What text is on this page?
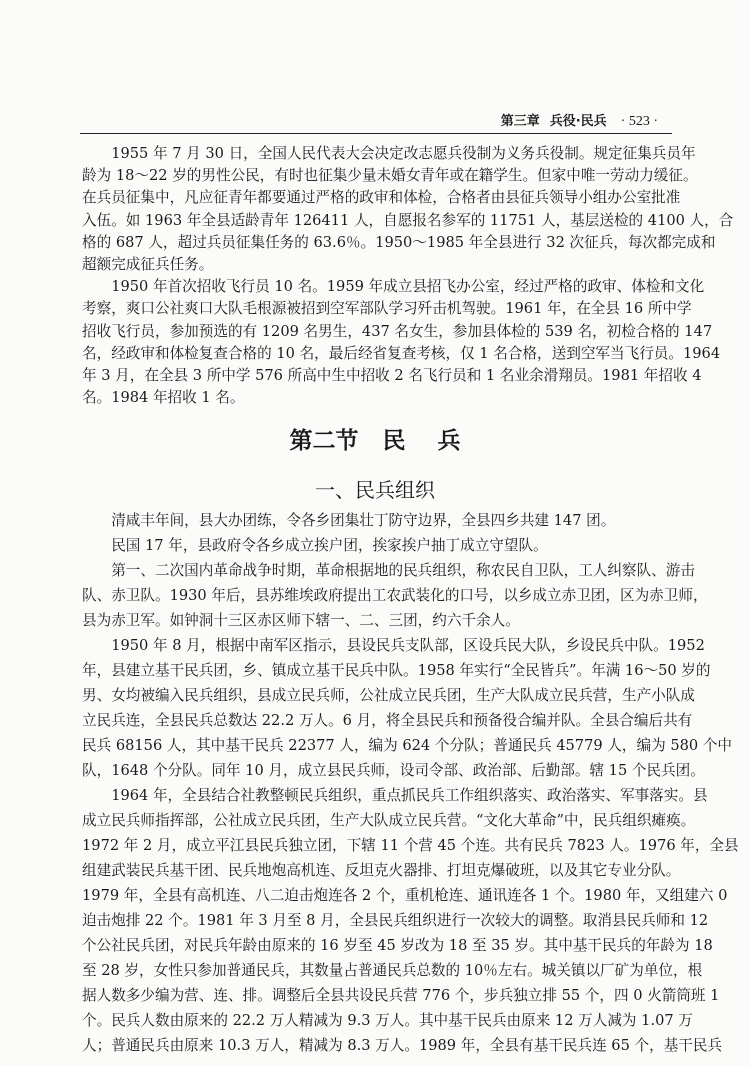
第三章 兵役·民兵 · 523 ·
1955 年 7 月 30 日，全国人民代表大会决定改志愿兵役制为义务兵役制。规定征集兵员年
龄为 18～22 岁的男性公民，有时也征集少量未婚女青年或在籍学生。但家中唯一劳动力缓征。
在兵员征集中，凡应征青年都要通过严格的政审和体检，合格者由县征兵领导小组办公室批准
入伍。如 1963 年全县适龄青年 126411 人，自愿报名参军的 11751 人，基层送检的 4100 人，合
格的 687 人，超过兵员征集任务的 63.6％。1950～1985 年全县进行 32 次征兵，每次都完成和
超额完成征兵任务。
1950 年首次招收飞行员 10 名。1959 年成立县招飞办公室，经过严格的政审、体检和文化
考察，爽口公社爽口大队毛根源被招到空军部队学习歼击机驾驶。1961 年，在全县 16 所中学
招收飞行员，参加预选的有 1209 名男生，437 名女生，参加县体检的 539 名，初检合格的 147
名，经政审和体检复查合格的 10 名，最后经省复查考核，仅 1 名合格，送到空军当飞行员。1964
年 3 月，在全县 3 所中学 576 所高中生中招收 2 名飞行员和 1 名业余滑翔员。1981 年招收 4
名。1984 年招收 1 名。
第二节 民 兵
一、民兵组织
清咸丰年间，县大办团练，令各乡团集壮丁防守边界，全县四乡共建 147 团。
民国 17 年，县政府令各乡成立挨户团，挨家挨户抽丁成立守望队。
第一、二次国内革命战争时期，革命根据地的民兵组织，称农民自卫队，工人纠察队、游击
队、赤卫队。1930 年后，县苏维埃政府提出工农武装化的口号，以乡成立赤卫团，区为赤卫师，
县为赤卫军。如钟洞十三区赤区师下辖一、二、三团，约六千余人。
1950 年 8 月，根据中南军区指示，县设民兵支队部，区设兵民大队，乡设民兵中队。1952
年，县建立基干民兵团，乡、镇成立基干民兵中队。1958 年实行“全民皆兵”。年满 16～50 岁的
男、女均被编入民兵组织，县成立民兵师，公社成立民兵团，生产大队成立民兵营，生产小队成
立民兵连，全县民兵总数达 22.2 万人。6 月，将全县民兵和预备役合编并队。全县合编后共有
民兵 68156 人，其中基干民兵 22377 人，编为 624 个分队；普通民兵 45779 人，编为 580 个中
队，1648 个分队。同年 10 月，成立县民兵师，设司令部、政治部、后勤部。辖 15 个民兵团。
1964 年，全县结合社教整顿民兵组织，重点抓民兵工作组织落实、政治落实、军事落实。县
成立民兵师指挥部，公社成立民兵团，生产大队成立民兵营。“文化大革命”中，民兵组织瘫痪。
1972 年 2 月，成立平江县民兵独立团，下辖 11 个营 45 个连。共有民兵 7823 人。1976 年，全县
组建武装民兵基干团、民兵地炮高机连、反坦克火器排、打坦克爆破班，以及其它专业分队。
1979 年，全县有高机连、八二迫击炮连各 2 个，重机枪连、通讯连各 1 个。1980 年，又组建六 0
迫击炮排 22 个。1981 年 3 月至 8 月，全县民兵组织进行一次较大的调整。取消县民兵师和 12
个公社民兵团，对民兵年龄由原来的 16 岁至 45 岁改为 18 至 35 岁。其中基干民兵的年龄为 18
至 28 岁，女性只参加普通民兵，其数量占普通民兵总数的 10％左右。城关镇以厂矿为单位，根
据人数多少编为营、连、排。调整后全县共设民兵营 776 个，步兵独立排 55 个，四 0 火箭筒班 1
个。民兵人数由原来的 22.2 万人精减为 9.3 万人。其中基干民兵由原来 12 万人减为 1.07 万
人；普通民兵由原来 10.3 万人，精减为 8.3 万人。1989 年，全县有基干民兵连 65 个，基干民兵
